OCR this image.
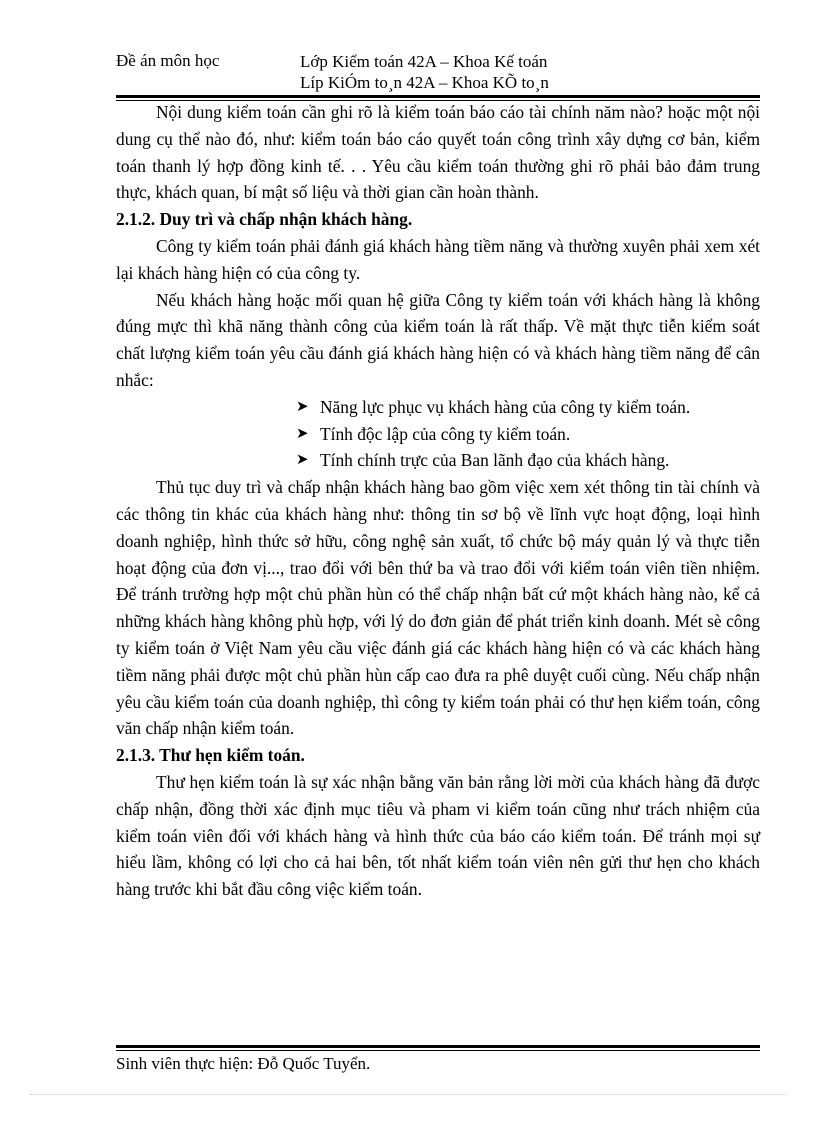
Đề án môn học	Lớp Kiểm toán 42A – Khoa Kế toán
Líp KiÓm to¸n 42A – Khoa KÕ to¸n

Nội dung kiểm toán cần ghi rõ là kiểm toán báo cáo tài chính năm nào? hoặc một nội dung cụ thể nào đó, như: kiểm toán báo cáo quyết toán công trình xây dựng cơ bản, kiểm toán thanh lý hợp đồng kinh tế. . . Yêu cầu kiểm toán thường ghi rõ phải bảo đảm trung thực, khách quan, bí mật số liệu và thời gian cần hoàn thành.

2.1.2. Duy trì và chấp nhận khách hàng.

Công ty kiểm toán phải đánh giá khách hàng tiềm năng và thường xuyên phải xem xét lại khách hàng hiện có của công ty.

Nếu khách hàng hoặc mối quan hệ giữa Công ty kiểm toán với khách hàng là không đúng mực thì khã năng thành công của kiểm toán là rất thấp. Về mặt thực tiễn kiểm soát chất lượng kiểm toán yêu cầu đánh giá khách hàng hiện có và khách hàng tiềm năng để cân nhắc:

➤ Năng lực phục vụ khách hàng của công ty kiểm toán.
➤ Tính độc lập của công ty kiểm toán.
➤ Tính chính trực của Ban lãnh đạo của khách hàng.

Thủ tục duy trì và chấp nhận khách hàng bao gồm việc xem xét thông tin tài chính và các thông tin khác của khách hàng như: thông tin sơ bộ về lĩnh vực hoạt động, loại hình doanh nghiệp, hình thức sở hữu, công nghệ sản xuất, tổ chức bộ máy quản lý và thực tiễn hoạt động của đơn vị..., trao đổi với bên thứ ba và trao đổi với kiểm toán viên tiền nhiệm. Để tránh trường hợp một chủ phần hùn có thể chấp nhận bất cứ một khách hàng nào, kể cả những khách hàng không phù hợp, với lý do đơn giản để phát triển kinh doanh. Mét sè công ty kiểm toán ở Việt Nam yêu cầu việc đánh giá các khách hàng hiện có và các khách hàng tiềm năng phải được một chủ phần hùn cấp cao đưa ra phê duyệt cuối cùng. Nếu chấp nhận yêu cầu kiểm toán của doanh nghiệp, thì công ty kiểm toán phải có thư hẹn kiểm toán, công văn chấp nhận kiểm toán.

2.1.3. Thư hẹn kiểm toán.

Thư hẹn kiểm toán là sự xác nhận bằng văn bản rằng lời mời của khách hàng đã được chấp nhận, đồng thời xác định mục tiêu và pham vi kiểm toán cũng như trách nhiệm của kiểm toán viên đối với khách hàng và hình thức của báo cáo kiểm toán. Để tránh mọi sự hiểu lầm, không có lợi cho cả hai bên, tốt nhất kiểm toán viên nên gửi thư hẹn cho khách hàng trước khi bắt đầu công việc kiểm toán.

Sinh viên thực hiện: Đỗ Quốc Tuyển.
